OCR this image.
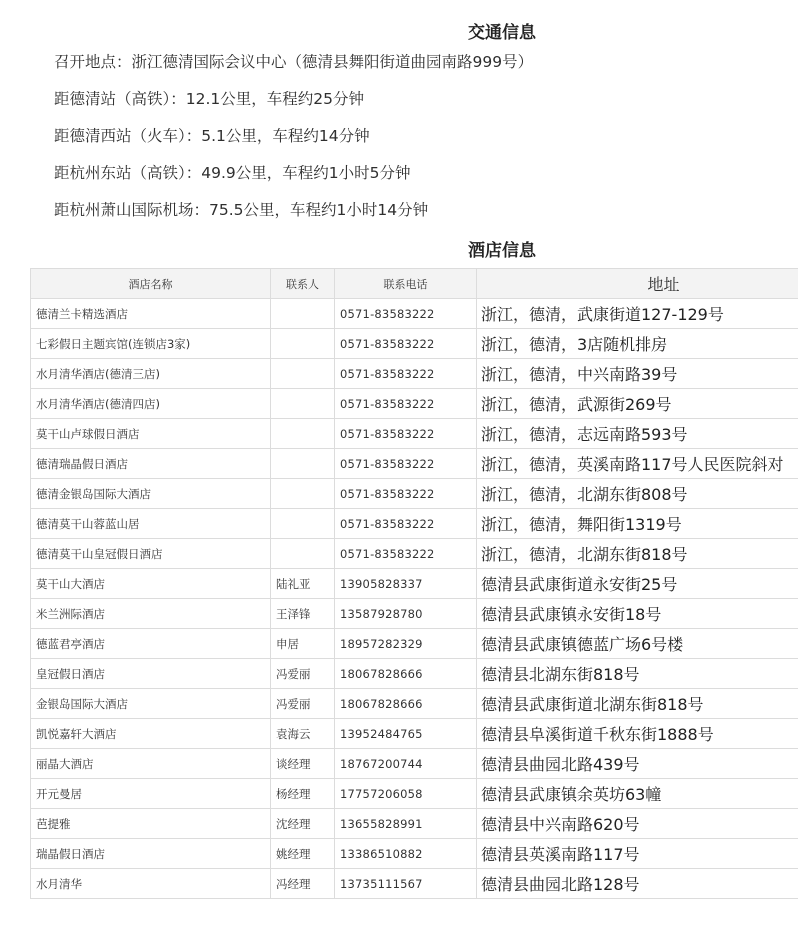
交通信息
召开地点：浙江德清国际会议中心（德清县舞阳街道曲园南路999号）
距德清站（高铁）：12.1公里，车程约25分钟
距德清西站（火车）：5.1公里，车程约14分钟
距杭州东站（高铁）：49.9公里，车程约1小时5分钟
距杭州萧山国际机场：75.5公里，车程约1小时14分钟
酒店信息
酒店名称	联系人	联系电话	地址
德清兰卡精选酒店		0571-83583222	浙江，德清，武康街道127-129号
七彩假日主题宾馆(连锁店3家)		0571-83583222	浙江，德清，3店随机排房
水月清华酒店(德清三店)		0571-83583222	浙江，德清，中兴南路39号
水月清华酒店(德清四店)		0571-83583222	浙江，德清，武源街269号
莫干山卢球假日酒店		0571-83583222	浙江，德清，志远南路593号
德清瑞晶假日酒店		0571-83583222	浙江，德清，英溪南路117号人民医院斜对
德清金银岛国际大酒店		0571-83583222	浙江，德清，北湖东街808号
德清莫干山蓉蓝山居		0571-83583222	浙江，德清，舞阳街1319号
德清莫干山皇冠假日酒店		0571-83583222	浙江，德清，北湖东街818号
莫干山大酒店	陆礼亚	13905828337	德清县武康街道永安街25号
米兰洲际酒店	王泽锋	13587928780	德清县武康镇永安街18号
德蓝君亭酒店	申居	18957282329	德清县武康镇德蓝广场6号楼
皇冠假日酒店	冯爱丽	18067828666	德清县北湖东街818号
金银岛国际大酒店	冯爱丽	18067828666	德清县武康街道北湖东街818号
凯悦嘉轩大酒店	袁海云	13952484765	德清县阜溪街道千秋东街1888号
丽晶大酒店	谈经理	18767200744	德清县曲园北路439号
开元曼居	杨经理	17757206058	德清县武康镇余英坊63幢
芭提雅	沈经理	13655828991	德清县中兴南路620号
瑞晶假日酒店	姚经理	13386510882	德清县英溪南路117号
水月清华	冯经理	13735111567	德清县曲园北路128号
